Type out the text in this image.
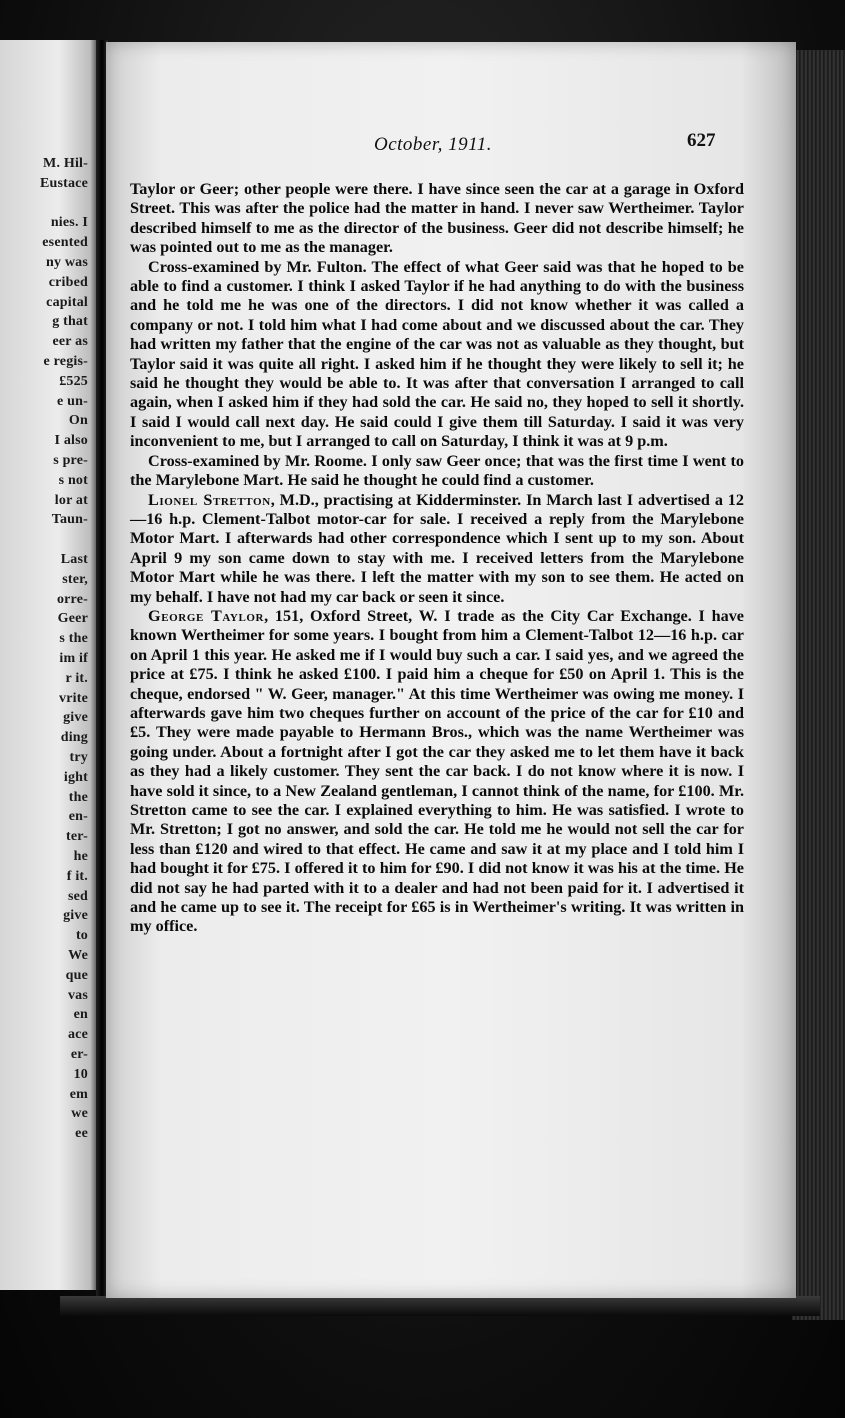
M. Hil-
Eustace
nies. I
esented
ny was
cribed
capital
g that
eer as
e regis-
£525
e un-
On
I also
s pre-
s not
lor at
Taun-
Last
ster,
orre-
Geer
s the
im if
r it.
vrite
give
ding
try
ight
the
en-
ter-
he
f it.
sed
give
to
We
que
vas
en
ace
er-
10
em
we
ee
October, 1911.	627

Taylor or Geer; other people were there. I have since seen the car at a garage in Oxford Street. This was after the police had the matter in hand. I never saw Wertheimer. Taylor described himself to me as the director of the business. Geer did not describe himself; he was pointed out to me as the manager.

Cross-examined by Mr. Fulton. The effect of what Geer said was that he hoped to be able to find a customer. I think I asked Taylor if he had anything to do with the business and he told me he was one of the directors. I did not know whether it was called a company or not. I told him what I had come about and we discussed about the car. They had written my father that the engine of the car was not as valuable as they thought, but Taylor said it was quite all right. I asked him if he thought they were likely to sell it; he said he thought they would be able to. It was after that conversation I arranged to call again, when I asked him if they had sold the car. He said no, they hoped to sell it shortly. I said I would call next day. He said could I give them till Saturday. I said it was very inconvenient to me, but I arranged to call on Saturday, I think it was at 9 p.m.

Cross-examined by Mr. Roome. I only saw Geer once; that was the first time I went to the Marylebone Mart. He said he thought he could find a customer.

Lionel Stretton, M.D., practising at Kidderminster. In March last I advertised a 12—16 h.p. Clement-Talbot motor-car for sale. I received a reply from the Marylebone Motor Mart. I afterwards had other correspondence which I sent up to my son. About April 9 my son came down to stay with me. I received letters from the Marylebone Motor Mart while he was there. I left the matter with my son to see them. He acted on my behalf. I have not had my car back or seen it since.

George Taylor, 151, Oxford Street, W. I trade as the City Car Exchange. I have known Wertheimer for some years. I bought from him a Clement-Talbot 12—16 h.p. car on April 1 this year. He asked me if I would buy such a car. I said yes, and we agreed the price at £75. I think he asked £100. I paid him a cheque for £50 on April 1. This is the cheque, endorsed " W. Geer, manager." At this time Wertheimer was owing me money. I afterwards gave him two cheques further on account of the price of the car for £10 and £5. They were made payable to Hermann Bros., which was the name Wertheimer was going under. About a fortnight after I got the car they asked me to let them have it back as they had a likely customer. They sent the car back. I do not know where it is now. I have sold it since, to a New Zealand gentleman, I cannot think of the name, for £100. Mr. Stretton came to see the car. I explained everything to him. He was satisfied. I wrote to Mr. Stretton; I got no answer, and sold the car. He told me he would not sell the car for less than £120 and wired to that effect. He came and saw it at my place and I told him I had bought it for £75. I offered it to him for £90. I did not know it was his at the time. He did not say he had parted with it to a dealer and had not been paid for it. I advertised it and he came up to see it. The receipt for £65 is in Wertheimer's writing. It was written in my office.
